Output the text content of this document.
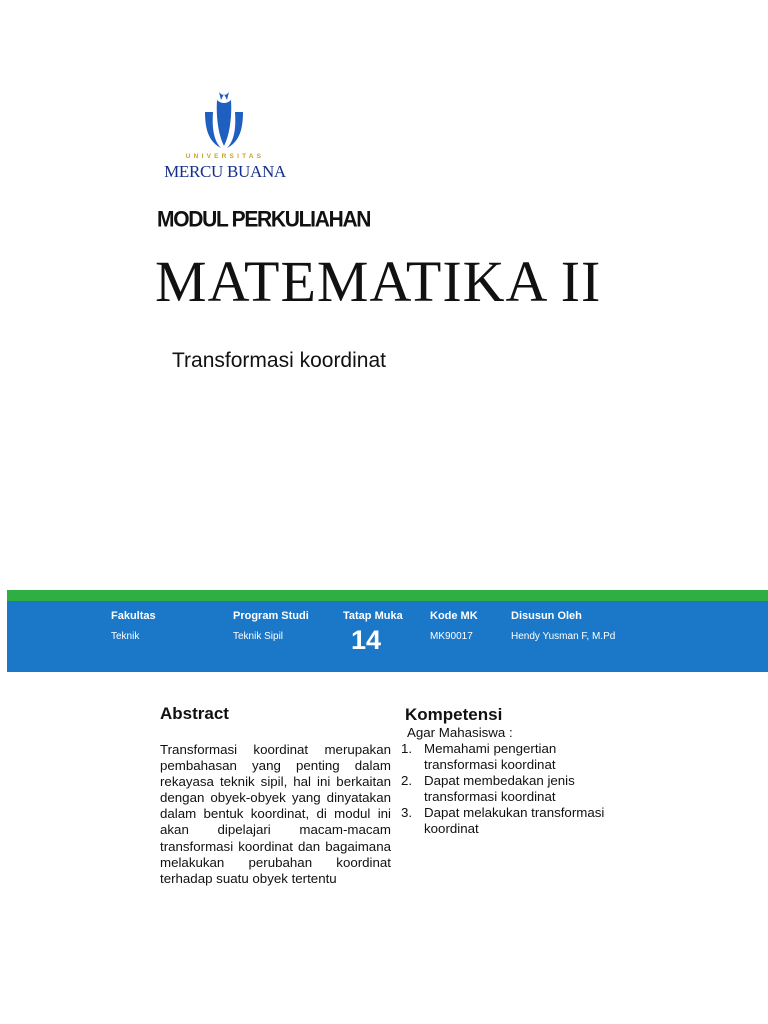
UNIVERSITAS
MERCU BUANA
MODUL PERKULIAHAN
MATEMATIKA II
Transformasi koordinat
Fakultas
Teknik
Program Studi
Teknik Sipil
Tatap Muka
14
Kode MK
MK90017
Disusun Oleh
Hendy Yusman F, M.Pd
Abstract
Transformasi koordinat merupakan pembahasan yang penting dalam rekayasa teknik sipil, hal ini berkaitan dengan obyek-obyek yang dinyatakan dalam bentuk koordinat, di modul ini akan dipelajari macam-macam transformasi koordinat dan bagaimana melakukan perubahan koordinat terhadap suatu obyek tertentu
Kompetensi
Agar Mahasiswa :
1. Memahami pengertian transformasi koordinat
2. Dapat membedakan jenis transformasi koordinat
3. Dapat melakukan transformasi koordinat
